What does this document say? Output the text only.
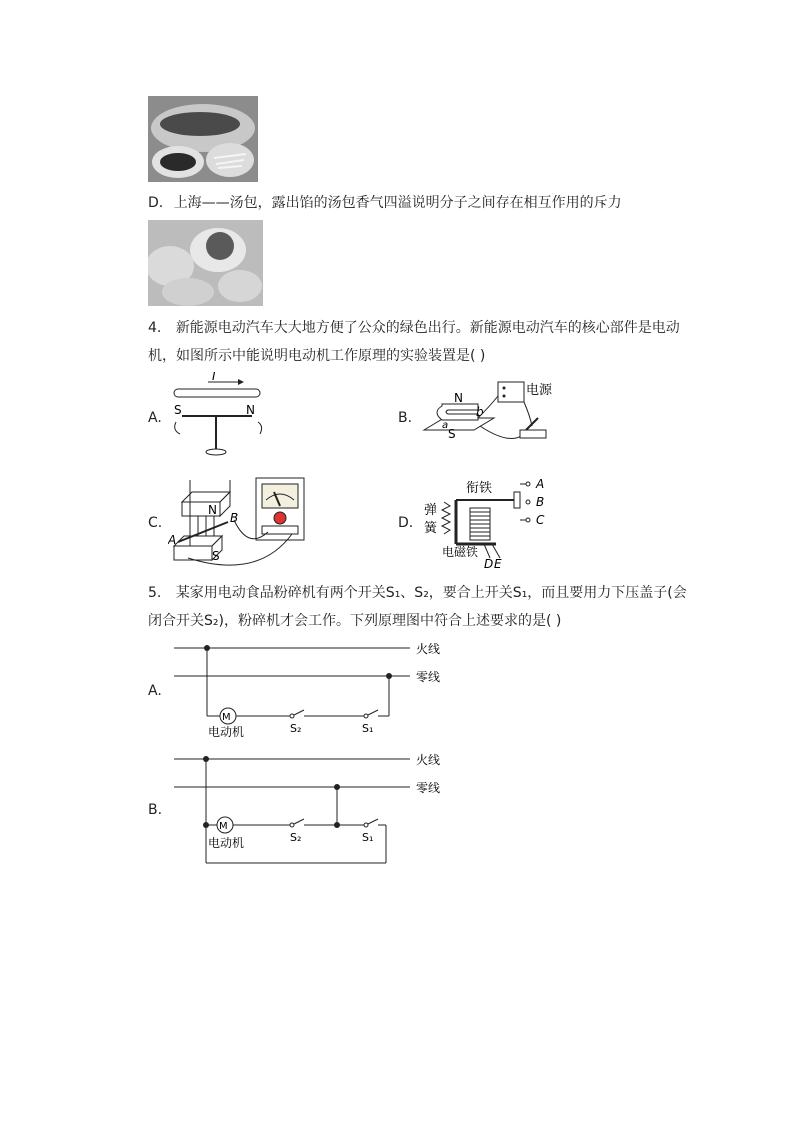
D. 上海——汤包，露出馅的汤包香气四溢说明分子之间存在相互作用的斥力
4. 新能源电动汽车大大地方便了公众的绿色出行。新能源电动汽车的核心部件是电动
机，如图所示中能说明电动机工作原理的实验装置是( )
A.
I
S	N	B.
电源
N
b
S
a
C.
N
S
A
B	D.
衔铁
弹
簧
电磁铁
D E
A
B
C
5. 某家用电动食品粉碎机有两个开关S₁、S₂，要合上开关S₁，而且要用力下压盖子(会
闭合开关S₂)，粉碎机才会工作。下列原理图中符合上述要求的是( )
A.
火线
零线
M
电动机	S₂	S₁
B.
火线
零线
M
电动机	S₂	S₁
